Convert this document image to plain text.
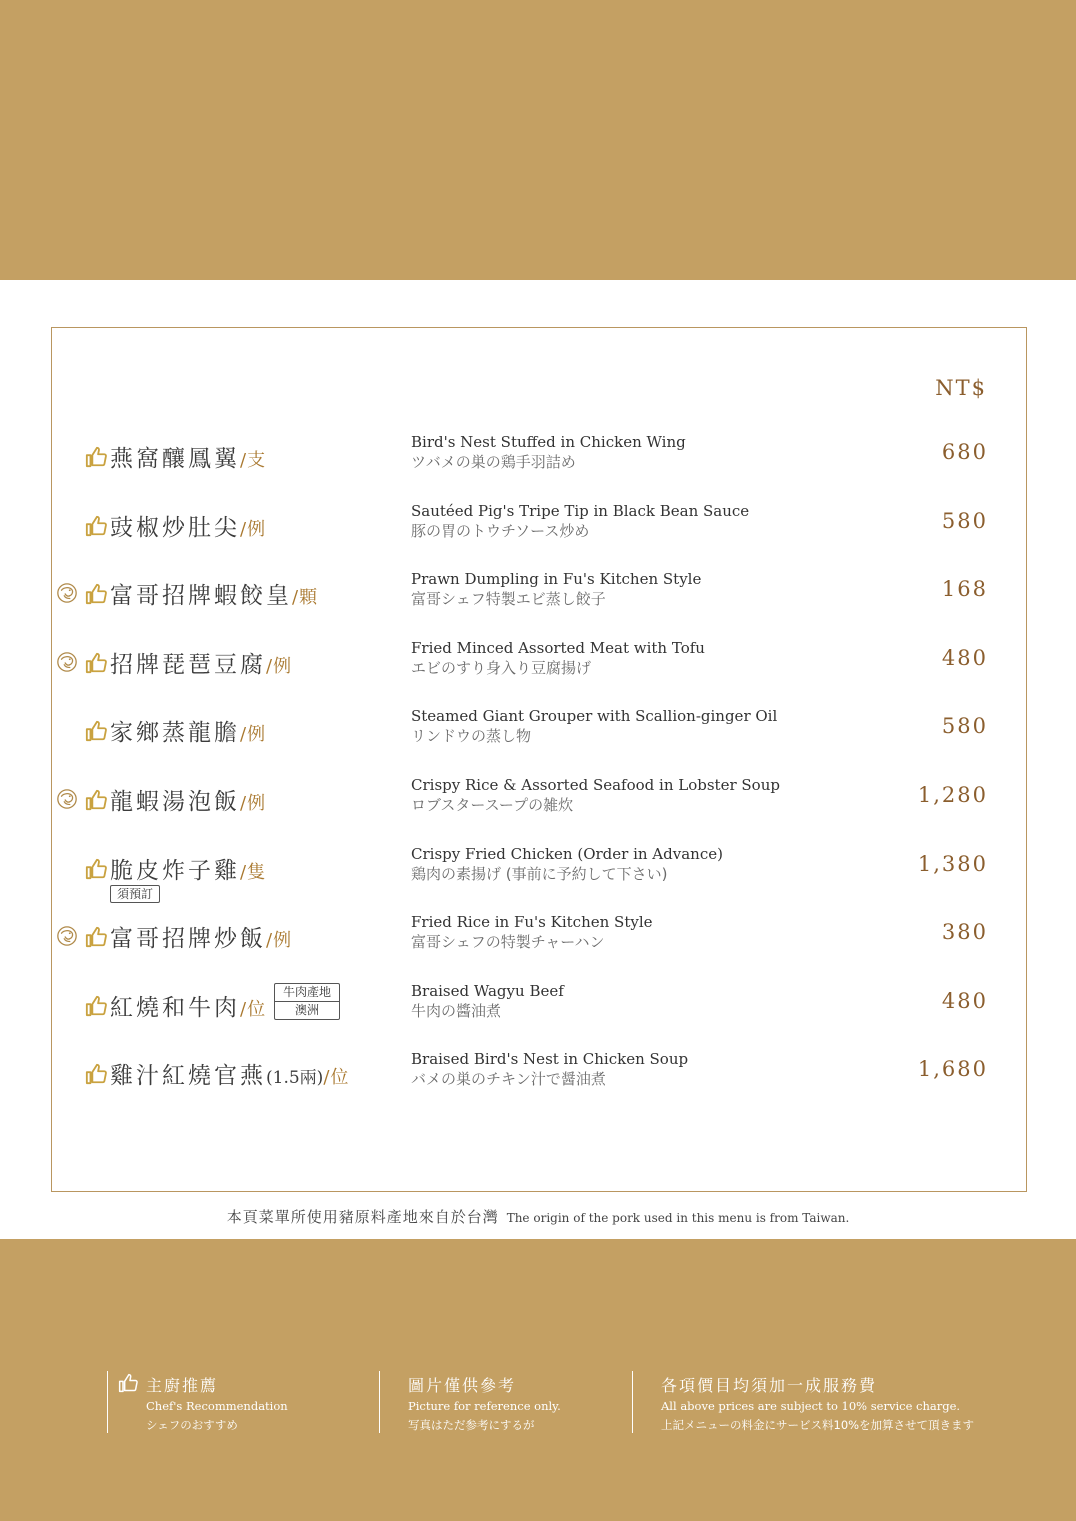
NT$
燕窩釀鳳翼/支
Bird's Nest Stuffed in Chicken Wing
ツバメの巣の鶏手羽詰め	680
豉椒炒肚尖/例
Sautéed Pig's Tripe Tip in Black Bean Sauce
豚の胃のトウチソース炒め	580
富哥招牌蝦餃皇/顆
Prawn Dumpling in Fu's Kitchen Style
富哥シェフ特製エビ蒸し餃子	168
招牌琵琶豆腐/例
Fried Minced Assorted Meat with Tofu
エビのすり身入り豆腐揚げ	480
家鄉蒸龍膽/例
Steamed Giant Grouper with Scallion-ginger Oil
リンドウの蒸し物	580
龍蝦湯泡飯/例
Crispy Rice & Assorted Seafood in Lobster Soup
ロブスタースープの雑炊	1,280
脆皮炸子雞/隻
須預訂
Crispy Fried Chicken (Order in Advance)
鶏肉の素揚げ (事前に予約して下さい)	1,380
富哥招牌炒飯/例
Fried Rice in Fu's Kitchen Style
富哥シェフの特製チャーハン	380
紅燒和牛肉/位
牛肉產地
澳洲
Braised Wagyu Beef
牛肉の醬油煮	480
雞汁紅燒官燕(1.5兩)/位
Braised Bird's Nest in Chicken Soup
バメの巣のチキン汁で醤油煮	1,680
本頁菜單所使用豬原料產地來自於台灣 The origin of the pork used in this menu is from Taiwan.
主廚推薦
Chef's Recommendation
シェフのおすすめ
圖片僅供參考
Picture for reference only.
写真はただ参考にするが
各項價目均須加一成服務費
All above prices are subject to 10% service charge.
上記メニューの料金にサービス料10%を加算させて頂きます
